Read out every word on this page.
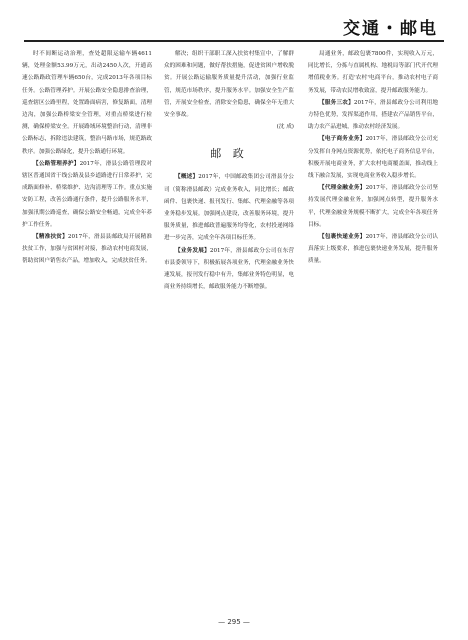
交通・邮电

时不间断运动治理，查处超限运输车辆4611辆，处理金额53.99万元，出动2450人次，开通高速公路路政管理车辆650台，完成2013年各项目标任务。公路管理养护。开展公路安全隐患排查治理，巡查辖区公路里程，处置路面病害，修复路面，清理边沟，加强公路桥梁安全管理，对重点桥梁进行检测，确保桥梁安全。开展路域环境整治行动，清理非公路标志，拆除违法建筑，整治马路市场，规范路政秩序。加强公路绿化，提升公路通行环境。

【公路管理养护】2017年，滑县公路管理段对辖区普通国省干线公路及县乡道路进行日常养护，完成路面修补、桥梁维护、边沟清理等工作。重点实施安防工程，改善公路通行条件，提升公路服务水平，加强汛期公路巡查，确保公路安全畅通，完成全年养护工作任务。

【精准扶贫】2017年，滑县县邮政局开展精准扶贫工作，加强与贫困村对接，推动农村电商发展，帮助贫困户销售农产品，增加收入，完成扶贫任务。

解决；组织干部职工深入扶贫村集宣中，了解群众的困难和问题，做好帮扶措施，促进贫困户增收脱贫。开展公路运输服务质量提升活动，加强行业监管，规范市场秩序，提升服务水平。加强安全生产监管，开展安全检查，消除安全隐患，确保全年无重大安全事故。

(沈 成)

邮 政

【概述】2017年，中国邮政集团公司滑县分公司（简称滑县邮政）完成业务收入，同比增长；邮政函件、包裹快递、报刊发行、集邮、代理金融等各项业务稳步发展。加强网点建设，改善服务环境，提升服务质量，推进邮政普遍服务均等化，农村投递网络进一步完善，完成全年各项目标任务。

【业务发展】2017年，滑县邮政分公司在东营市县委领导下，积极拓展各项业务，代理金融业务快速发展，报刊发行稳中有升，集邮业务特色明显，电商业务持续增长，邮政服务能力不断增强。

局通业务，邮政包裹7800件，实现收入万元，同比增长，分拣与直属机构、地税局等部门代开代理增值税业务。打造'农村'电商平台，推动农村电子商务发展，带动农民增收致富，提升邮政服务能力。

【服务三农】2017年，滑县邮政分公司利用地方特色优势，发挥渠道作用，搭建农产品销售平台，助力农产品进城，推动农村经济发展。

【电子商务业务】2017年，滑县邮政分公司充分发挥自身网点资源优势，依托电子商务信息平台，积极开展电商业务，扩大农村电商覆盖面，推动线上线下融合发展，实现电商业务收入稳步增长。

【代理金融业务】2017年，滑县邮政分公司坚持发展代理金融业务，加强网点转型，提升服务水平，代理金融业务规模不断扩大，完成全年各项任务目标。

【包裹快递业务】2017年，滑县邮政分公司认真落实上级要求，推进包裹快递业务发展，提升服务质量。

— 295 —
